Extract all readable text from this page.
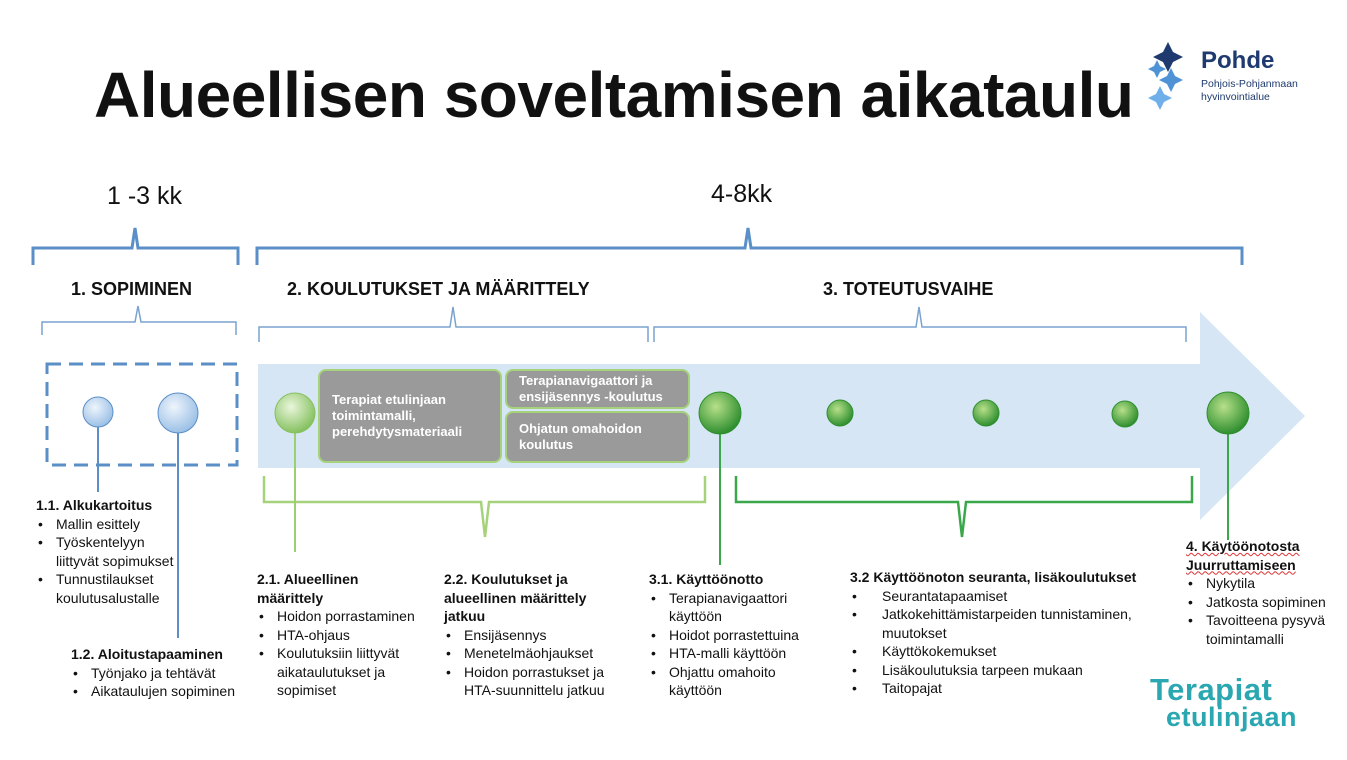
Alueellisen soveltamisen aikataulu	Pohde
Pohjois-Pohjanmaan
hyvinvointialue
1 -3 kk	4-8kk
1. SOPIMINEN	2. KOULUTUKSET JA MÄÄRITTELY	3. TOTEUTUSVAIHE
Terapiat etulinjaan toimintamalli, perehdytysmateriaali
Terapianavigaattori ja ensijäsennys -koulutus
Ohjatun omahoidon koulutus
1.1. Alkukartoitus
• Mallin esittely
• Työskentelyyn liittyvät sopimukset
• Tunnustilaukset koulutusalustalle
1.2. Aloitustapaaminen
• Työnjako ja tehtävät
• Aikataulujen sopiminen
2.1. Alueellinen määrittely
• Hoidon porrastaminen
• HTA-ohjaus
• Koulutuksiin liittyvät aikataulutukset ja sopimiset
2.2. Koulutukset ja alueellinen määrittely jatkuu
• Ensijäsennys
• Menetelmäohjaukset
• Hoidon porrastukset ja HTA-suunnittelu jatkuu
3.1. Käyttöönotto
• Terapianavigaattori käyttöön
• Hoidot porrastettuina
• HTA-malli käyttöön
• Ohjattu omahoito käyttöön
3.2 Käyttöönoton seuranta, lisäkoulutukset
• Seurantatapaamiset
• Jatkokehittämistarpeiden tunnistaminen, muutokset
• Käyttökokemukset
• Lisäkoulutuksia tarpeen mukaan
• Taitopajat
4. Käytöönotosta
Juurruttamiseen
• Nykytila
• Jatkosta sopiminen
• Tavoitteena pysyvä toimintamalli
Terapiat
etulinjaan
